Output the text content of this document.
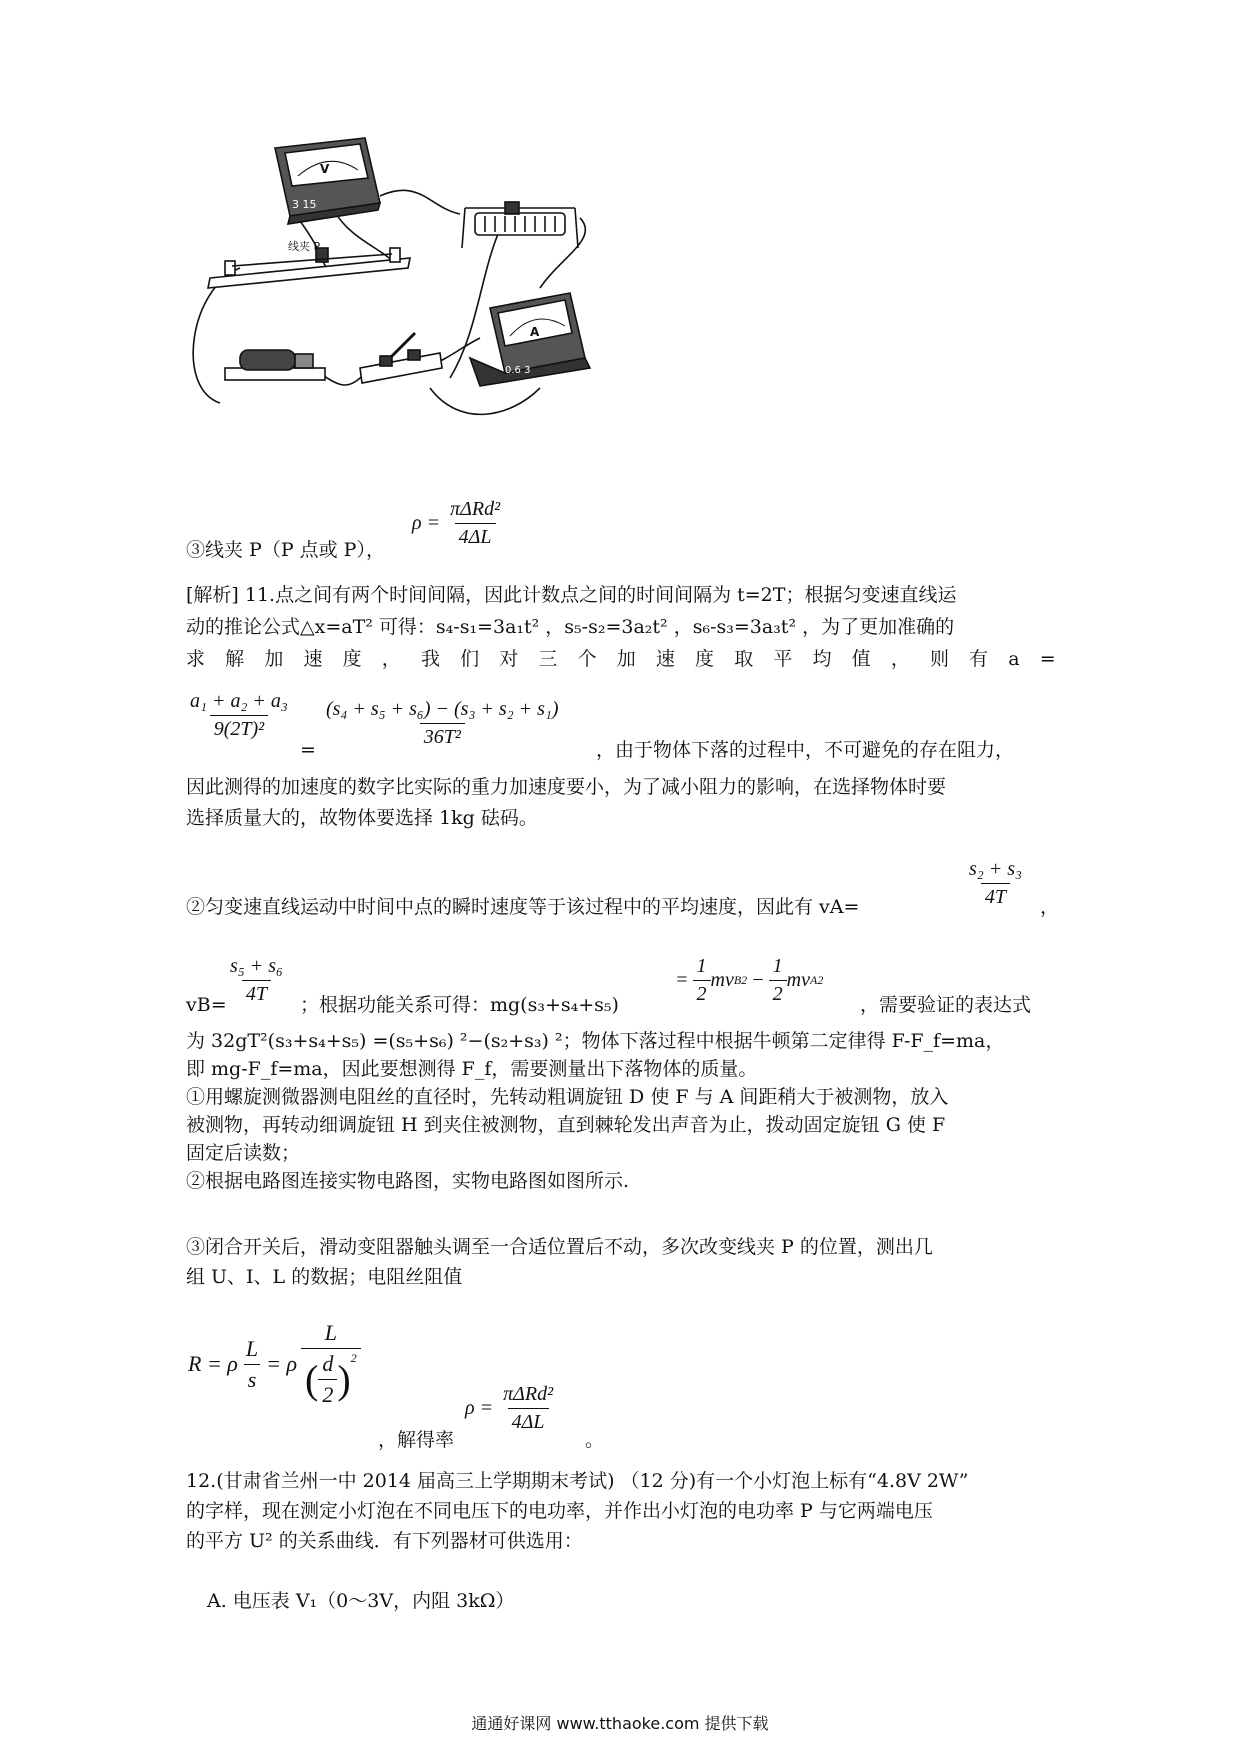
V
3 15
线夹 P
A
0.6 3
③线夹 P（P 点或 P），
$\rho = \frac{\text{πΔRd²}}{4\Delta L}$
[解析] 11.点之间有两个时间间隔，因此计数点之间的时间间隔为 t=2T；根据匀变速直线运
动的推论公式△x=aT² 可得：s₄-s₁=3a₁t² ，s₅-s₂=3a₂t² ，s₆-s₃=3a₃t² ，为了更加准确的
求 解 加 速 度 ， 我 们 对 三 个 加 速 度 取 平 均 值 ， 则 有 a =
$\frac{\text{a₁ + a₂ + a₃}}{\text{9(2T)²}}$
=
$\frac{\text{(s₄ + s₅ + s₆) − (s₃ + s₂ + s₁)}}{\text{36T²}}$
，由于物体下落的过程中，不可避免的存在阻力，
因此测得的加速度的数字比实际的重力加速度要小，为了减小阻力的影响，在选择物体时要
选择质量大的，故物体要选择 1kg 砝码。
②匀变速直线运动中时间中点的瞬时速度等于该过程中的平均速度，因此有 vA=	$\frac{\text{s₂ + s₃}}{4T}$ ，
$vB= \frac{\text{s₅ + s₆}}{4T}$ ；根据功能关系可得：mg(s₃+s₄+s₅)
= $\frac{1}{2}$ mv B $2 - \frac{1}{2}$ mv A 2
，需要验证的表达式
为 32gT²(s₃+s₄+s₅) =(s₅+s₆) ²−(s₂+s₃) ²；物体下落过程中根据牛顿第二定律得 F-F_f=ma，
即 mg-F_f=ma，因此要想测得 F_f，需要测量出下落物体的质量。
①用螺旋测微器测电阻丝的直径时，先转动粗调旋钮 D 使 F 与 A 间距稍大于被测物，放入
被测物，再转动细调旋钮 H 到夹住被测物，直到棘轮发出声音为止，拨动固定旋钮 G 使 F
固定后读数；
②根据电路图连接实物电路图，实物电路图如图所示.
③闭合开关后，滑动变阻器触头调至一合适位置后不动，多次改变线夹 P 的位置，测出几
组 U、I、L 的数据；电阻丝阻值
R = ρ $\frac{L}{s} = \rho \frac{L}{( \frac{d}{2} )^2}$
，解得率
$\rho = \frac{\text{πΔRd²}}{4\Delta L}$
。
12.(甘肃省兰州一中 2014 届高三上学期期末考试) （12 分)有一个小灯泡上标有“4.8V 2W”
的字样，现在测定小灯泡在不同电压下的电功率，并作出小灯泡的电功率 P 与它两端电压
的平方 U² 的关系曲线．有下列器材可供选用：
A. 电压表 V₁（0～3V，内阻 3kΩ）
通通好课网 www.tthaoke.com 提供下载
